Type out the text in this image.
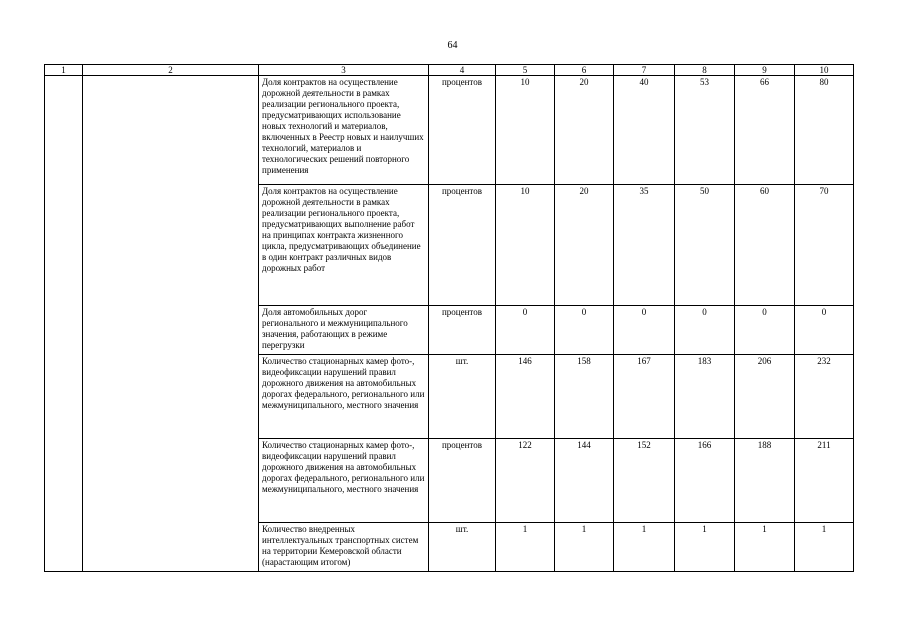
64
1	2	3	4	5	6	7	8	9	10
		Доля контрактов на осуществление дорожной деятельности в рамках реализации регионального проекта, предусматривающих использование новых технологий и материалов, включенных в Реестр новых и наилучших технологий, материалов и технологических решений повторного применения	процентов	10	20	40	53	66	80
		Доля контрактов на осуществление дорожной деятельности в рамках реализации регионального проекта, предусматривающих выполнение работ на принципах контракта жизненного цикла, предусматривающих объединение в один контракт различных видов дорожных работ	процентов	10	20	35	50	60	70
		Доля автомобильных дорог регионального и межмуниципального значения, работающих в режиме перегрузки	процентов	0	0	0	0	0	0
		Количество стационарных камер фото-, видеофиксации нарушений правил дорожного движения на автомобильных дорогах федерального, регионального или межмуниципального, местного значения	шт.	146	158	167	183	206	232
		Количество стационарных камер фото-, видеофиксации нарушений правил дорожного движения на автомобильных дорогах федерального, регионального или межмуниципального, местного значения	процентов	122	144	152	166	188	211
		Количество внедренных интеллектуальных транспортных систем на территории Кемеровской области (нарастающим итогом)	шт.	1	1	1	1	1	1
